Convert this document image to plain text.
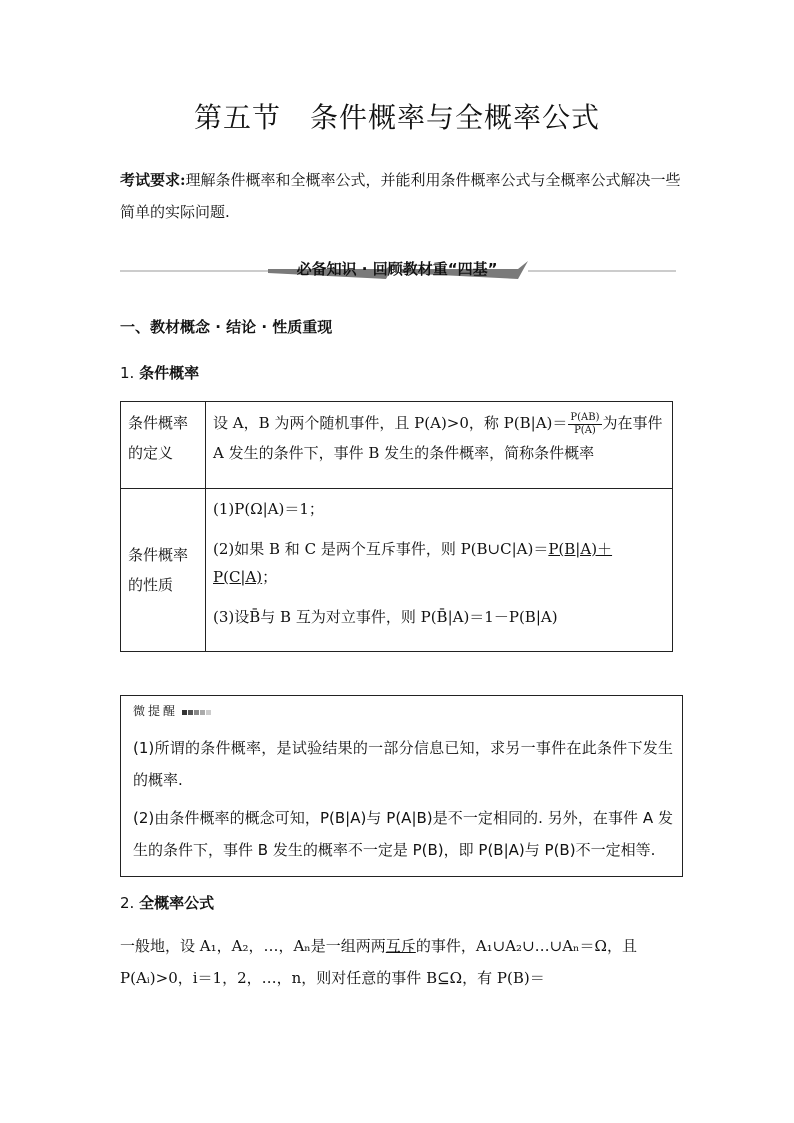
第五节　条件概率与全概率公式
考试要求:理解条件概率和全概率公式，并能利用条件概率公式与全概率公式解决一些简单的实际问题.
必备知识 · 回顾教材重“四基”
一、教材概念 · 结论 · 性质重现
1. 条件概率
条件概率的定义	设 A，B 为两个随机事件，且 P(A)>0，称 $P(B|A)= \frac{P(AB)}{P(A)}$ 为在事件 A 发生的条件下，事件 B 发生的条件概率，简称条件概率
条件概率的性质	(1)P(Ω|A)＝1；

(2)如果 B 和 C 是两个互斥事件，则 P(B∪C|A)＝P(B|A)＋P(C|A)；

(3)设B̄与 B 互为对立事件，则 P(B̄|A)＝1－P(B|A)

微提醒
(1)所谓的条件概率，是试验结果的一部分信息已知，求另一事件在此条件下发生的概率.
(2)由条件概率的概念可知，P(B|A)与 P(A|B)是不一定相同的. 另外，在事件 A 发生的条件下，事件 B 发生的概率不一定是 P(B)，即 P(B|A)与 P(B)不一定相等.
2. 全概率公式
一般地，设 A₁，A₂，…，Aₙ是一组两两互斥的事件，A₁∪A₂∪…∪Aₙ＝Ω，且 P(Aᵢ)>0，i＝1，2，…，n，则对任意的事件 B⊆Ω，有 P(B)＝
